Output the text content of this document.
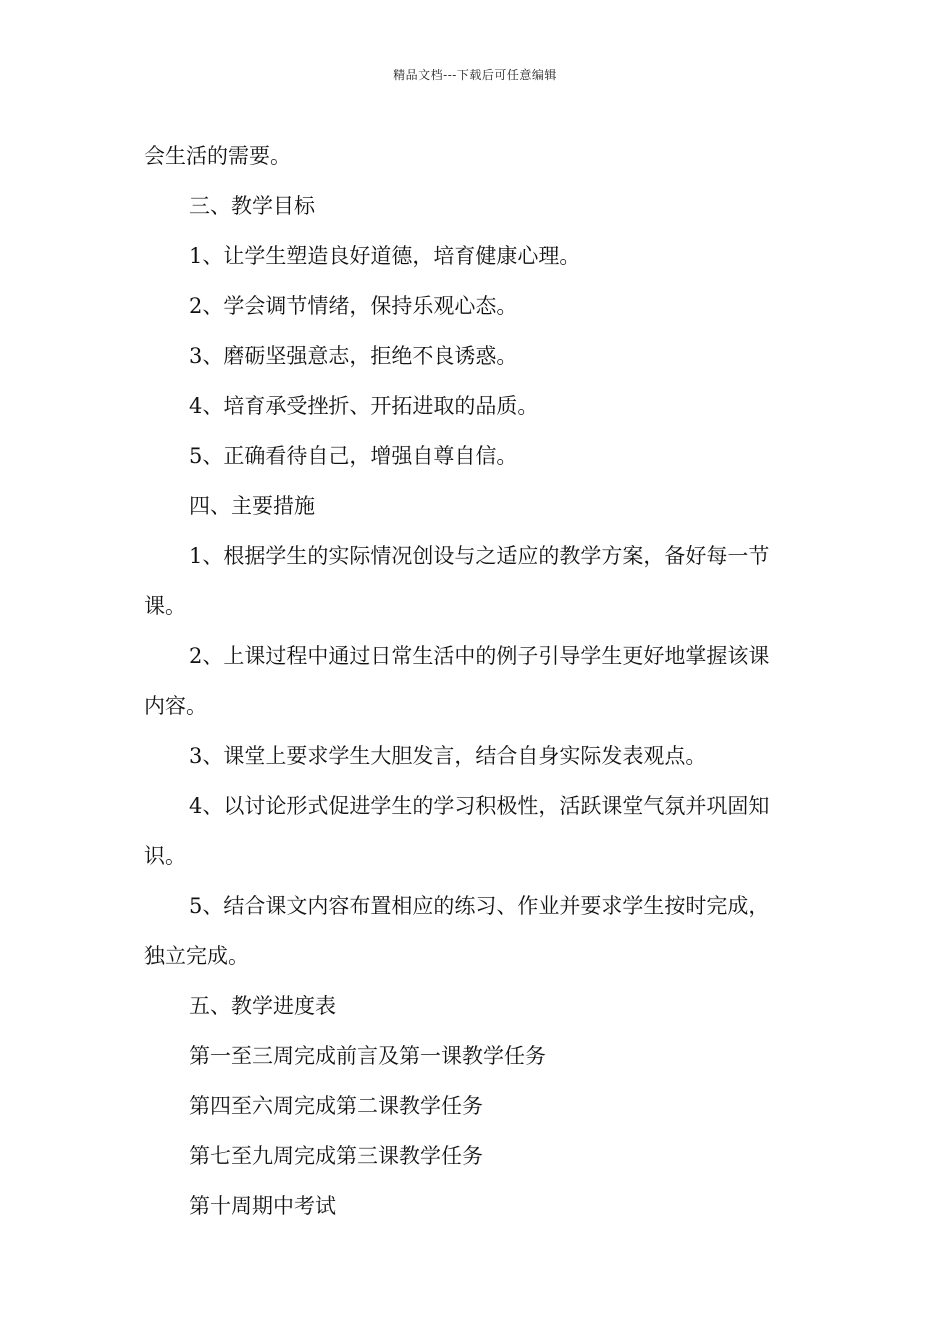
精品文档---下载后可任意编辑
会生活的需要。
三、教学目标
1、让学生塑造良好道德，培育健康心理。
2、学会调节情绪，保持乐观心态。
3、磨砺坚强意志，拒绝不良诱惑。
4、培育承受挫折、开拓进取的品质。
5、正确看待自己，增强自尊自信。
四、主要措施
1、根据学生的实际情况创设与之适应的教学方案，备好每一节
课。
2、上课过程中通过日常生活中的例子引导学生更好地掌握该课
内容。
3、课堂上要求学生大胆发言，结合自身实际发表观点。
4、以讨论形式促进学生的学习积极性，活跃课堂气氛并巩固知
识。
5、结合课文内容布置相应的练习、作业并要求学生按时完成，
独立完成。
五、教学进度表
第一至三周完成前言及第一课教学任务
第四至六周完成第二课教学任务
第七至九周完成第三课教学任务
第十周期中考试
